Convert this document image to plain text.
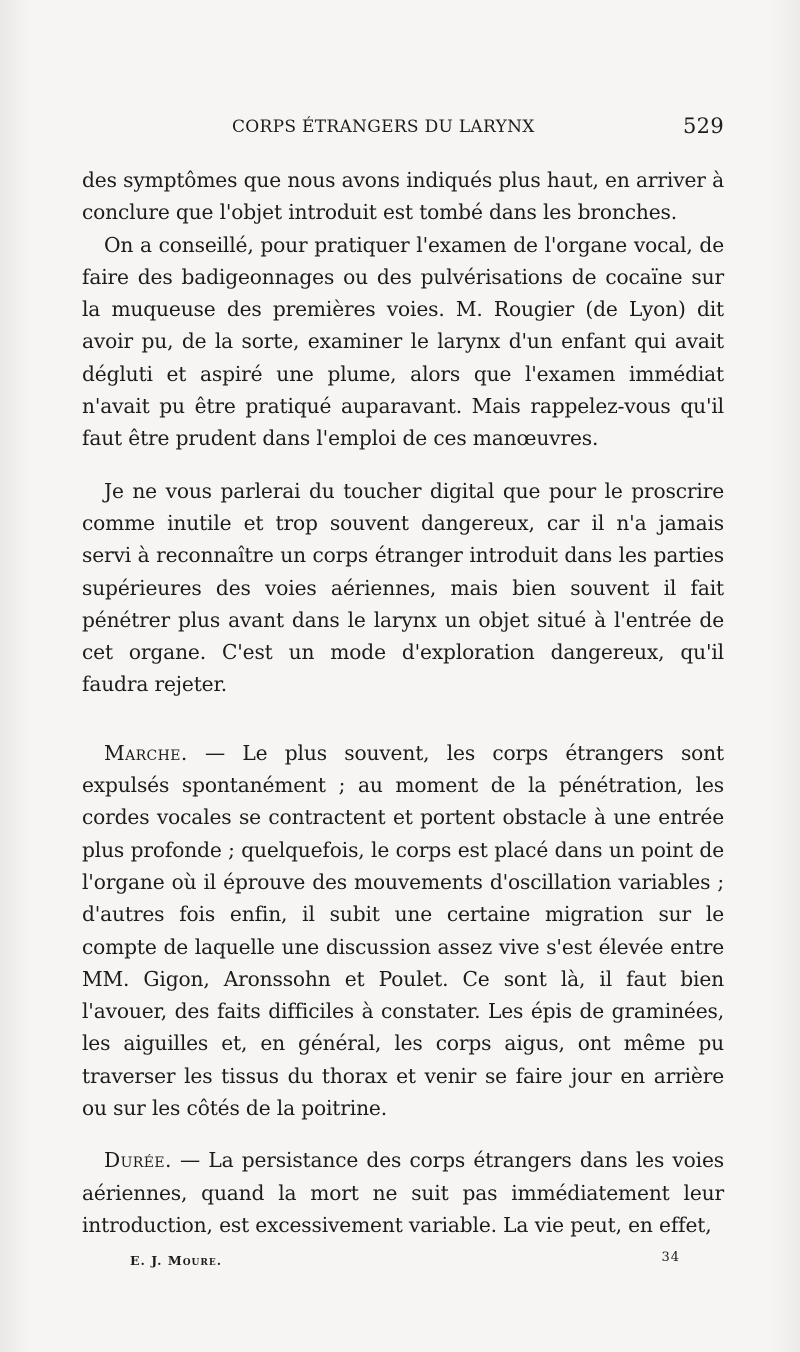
CORPS ÉTRANGERS DU LARYNX	529

des symptômes que nous avons indiqués plus haut, en arriver à conclure que l'objet introduit est tombé dans les bronches.

On a conseillé, pour pratiquer l'examen de l'organe vocal, de faire des badigeonnages ou des pulvérisations de cocaïne sur la muqueuse des premières voies. M. Rougier (de Lyon) dit avoir pu, de la sorte, examiner le larynx d'un enfant qui avait dégluti et aspiré une plume, alors que l'examen immédiat n'avait pu être pratiqué auparavant. Mais rappelez-vous qu'il faut être prudent dans l'emploi de ces manœuvres.

Je ne vous parlerai du toucher digital que pour le proscrire comme inutile et trop souvent dangereux, car il n'a jamais servi à reconnaître un corps étranger introduit dans les parties supérieures des voies aériennes, mais bien souvent il fait pénétrer plus avant dans le larynx un objet situé à l'entrée de cet organe. C'est un mode d'exploration dangereux, qu'il faudra rejeter.

Marche. — Le plus souvent, les corps étrangers sont expulsés spontanément ; au moment de la pénétration, les cordes vocales se contractent et portent obstacle à une entrée plus profonde ; quelquefois, le corps est placé dans un point de l'organe où il éprouve des mouvements d'oscillation variables ; d'autres fois enfin, il subit une certaine migration sur le compte de laquelle une discussion assez vive s'est élevée entre MM. Gigon, Aronssohn et Poulet. Ce sont là, il faut bien l'avouer, des faits difficiles à constater. Les épis de graminées, les aiguilles et, en général, les corps aigus, ont même pu traverser les tissus du thorax et venir se faire jour en arrière ou sur les côtés de la poitrine.

Durée. — La persistance des corps étrangers dans les voies aériennes, quand la mort ne suit pas immédiatement leur introduction, est excessivement variable. La vie peut, en effet,

E. J. Moure.	34
